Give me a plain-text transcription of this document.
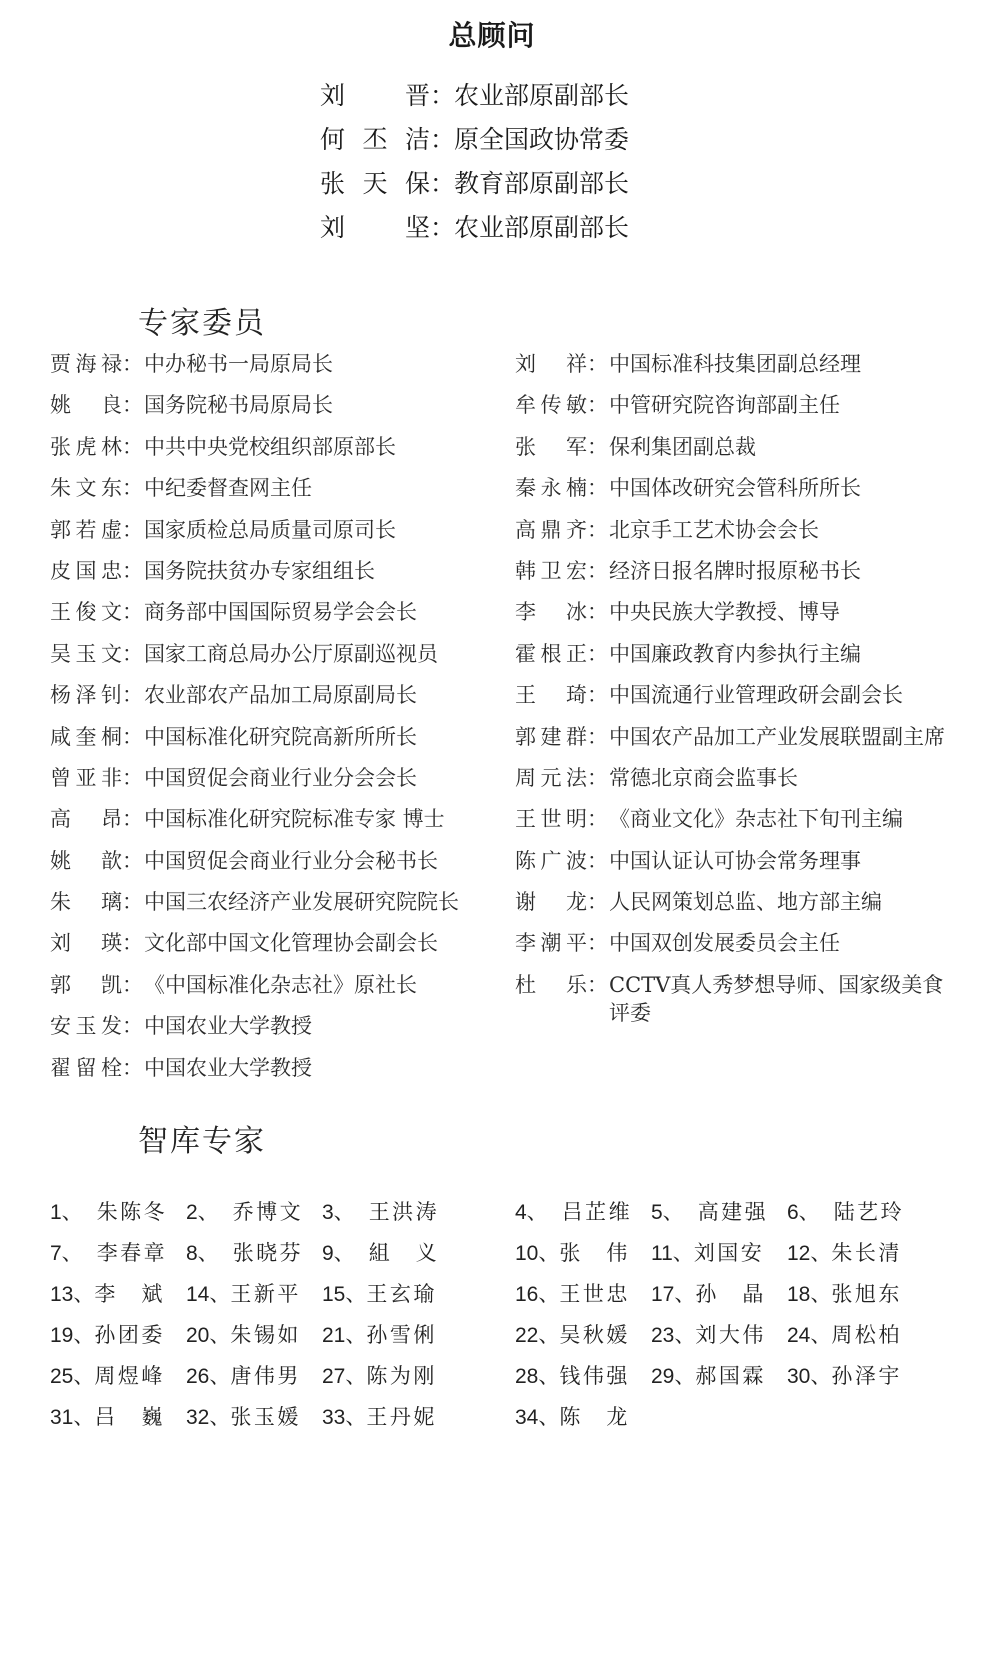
总顾问
刘晋 ：
农业部原副部长
何丕洁 ：
原全国政协常委
张天保 ：
教育部原副部长
刘坚 ：
农业部原副部长
专家委员
贾海禄 ： 中办秘书一局原局长
姚良 ： 国务院秘书局原局长
张虎林 ： 中共中央党校组织部原部长
朱文东 ： 中纪委督查网主任
郭若虚 ： 国家质检总局质量司原司长
皮国忠 ： 国务院扶贫办专家组组长
王俊文 ： 商务部中国国际贸易学会会长
吴玉文 ： 国家工商总局办公厅原副巡视员
杨泽钊 ： 农业部农产品加工局原副局长
咸奎桐 ： 中国标准化研究院高新所所长
曾亚非 ： 中国贸促会商业行业分会会长
高昂 ： 中国标准化研究院标准专家 博士
姚歆 ： 中国贸促会商业行业分会秘书长
朱璃 ： 中国三农经济产业发展研究院院长
刘瑛 ： 文化部中国文化管理协会副会长
郭凯 ： 《中国标准化杂志社》原社长
安玉发 ： 中国农业大学教授
翟留栓 ： 中国农业大学教授
刘祥 ： 中国标准科技集团副总经理
牟传敏 ： 中管研究院咨询部副主任
张军 ： 保利集团副总裁
秦永楠 ： 中国体改研究会管科所所长
高鼎齐 ： 北京手工艺术协会会长
韩卫宏 ： 经济日报名牌时报原秘书长
李冰 ： 中央民族大学教授、博导
霍根正 ： 中国廉政教育内参执行主编
王琦 ： 中国流通行业管理政研会副会长
郭建群 ： 中国农产品加工产业发展联盟副主席
周元法 ： 常德北京商会监事长
王世明 ： 《商业文化》杂志社下旬刊主编
陈广波 ： 中国认证认可协会常务理事
谢龙 ： 人民网策划总监、地方部主编
李潮平 ： 中国双创发展委员会主任
杜乐 ： CCTV真人秀梦想导师、国家级美食评委
智库专家
1、 朱陈冬 2、 乔博文 3、 王洪涛
7、 李春章 8、 张晓芬 9、 組义
13、 李斌 14、 王新平 15、 王玄瑜
19、 孙团委 20、 朱锡如 21、 孙雪俐
25、 周煜峰 26、 唐伟男 27、 陈为刚
31、 吕巍 32、 张玉媛 33、 王丹妮
4、 吕芷维 5、 高建强 6、 陆艺玲
10、 张伟 11、 刘国安 12、 朱长清
16、 王世忠 17、 孙晶 18、 张旭东
22、 吴秋媛 23、 刘大伟 24、 周松柏
28、 钱伟强 29、 郝国霖 30、 孙泽宇
34、 陈龙
